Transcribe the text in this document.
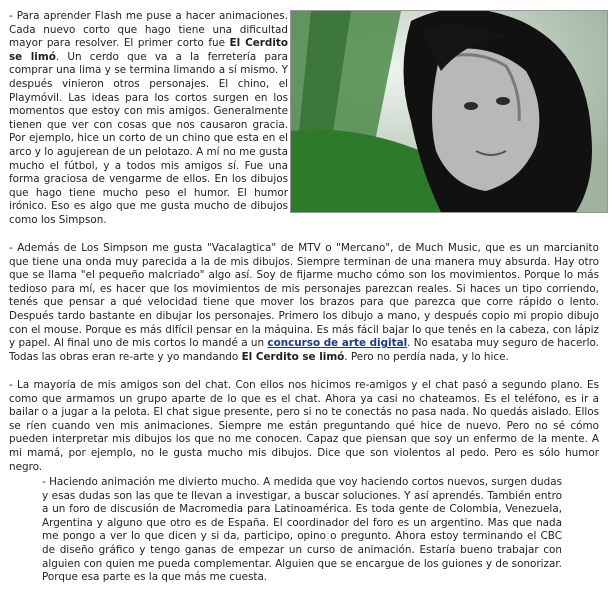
- Para aprender Flash me puse a hacer animaciones. Cada nuevo corto que hago tiene una dificultad mayor para resolver. El primer corto fue El Cerdito se limó. Un cerdo que va a la ferretería para comprar una lima y se termina limando a sí mismo. Y después vinieron otros personajes. El chino, el Playmóvil. Las ideas para los cortos surgen en los momentos que estoy con mis amigos. Generalmente tienen que ver con cosas que nos causaron gracia. Por ejemplo, hice un corto de un chino que esta en el arco y lo agujerean de un pelotazo. A mí no me gusta mucho el fútbol, y a todos mis amigos sí. Fue una forma graciosa de vengarme de ellos. En los dibujos que hago tiene mucho peso el humor. El humor irónico. Eso es algo que me gusta mucho de dibujos como los Simpson.

- Además de Los Simpson me gusta "Vacalagtica" de MTV o "Mercano", de Much Music, que es un marcianito que tiene una onda muy parecida a la de mis dibujos. Siempre terminan de una manera muy absurda. Hay otro que se llama "el pequeño malcriado" algo así. Soy de fijarme mucho cómo son los movimientos. Porque lo más tedioso para mí, es hacer que los movimientos de mis personajes parezcan reales. Si haces un tipo corriendo, tenés que pensar a qué velocidad tiene que mover los brazos para que parezca que corre rápido o lento. Después tardo bastante en dibujar los personajes. Primero los dibujo a mano, y después copio mi propio dibujo con el mouse. Porque es más difícil pensar en la máquina. Es más fácil bajar lo que tenés en la cabeza, con lápiz y papel. Al final uno de mis cortos lo mandé a un concurso de arte digital. No esataba muy seguro de hacerlo. Todas las obras eran re-arte y yo mandando El Cerdito se limó. Pero no perdía nada, y lo hice.

- La mayoría de mis amigos son del chat. Con ellos nos hicimos re-amigos y el chat pasó a segundo plano. Es como que armamos un grupo aparte de lo que es el chat. Ahora ya casi no chateamos. Es el teléfono, es ir a bailar o a jugar a la pelota. El chat sigue presente, pero si no te conectás no pasa nada. No quedás aislado. Ellos se ríen cuando ven mis animaciones. Siempre me están preguntando qué hice de nuevo. Pero no sé cómo pueden interpretar mis dibujos los que no me conocen. Capaz que piensan que soy un enfermo de la mente. A mi mamá, por ejemplo, no le gusta mucho mis dibujos. Dice que son violentos al pedo. Pero es sólo humor negro.

- Haciendo animación me divierto mucho. A medida que voy haciendo cortos nuevos, surgen dudas y esas dudas son las que te llevan a investigar, a buscar soluciones. Y así aprendés. También entro a un foro de discusión de Macromedia para Latinoamérica. Es toda gente de Colombia, Venezuela, Argentina y alguno que otro es de España. El coordinador del foro es un argentino. Mas que nada me pongo a ver lo que dicen y si da, participo, opino o pregunto. Ahora estoy terminando el CBC de diseño gráfico y tengo ganas de empezar un curso de animación. Estaría bueno trabajar con alguien con quien me pueda complementar. Alguien que se encargue de los guiones y de sonorizar. Porque esa parte es la que más me cuesta.
